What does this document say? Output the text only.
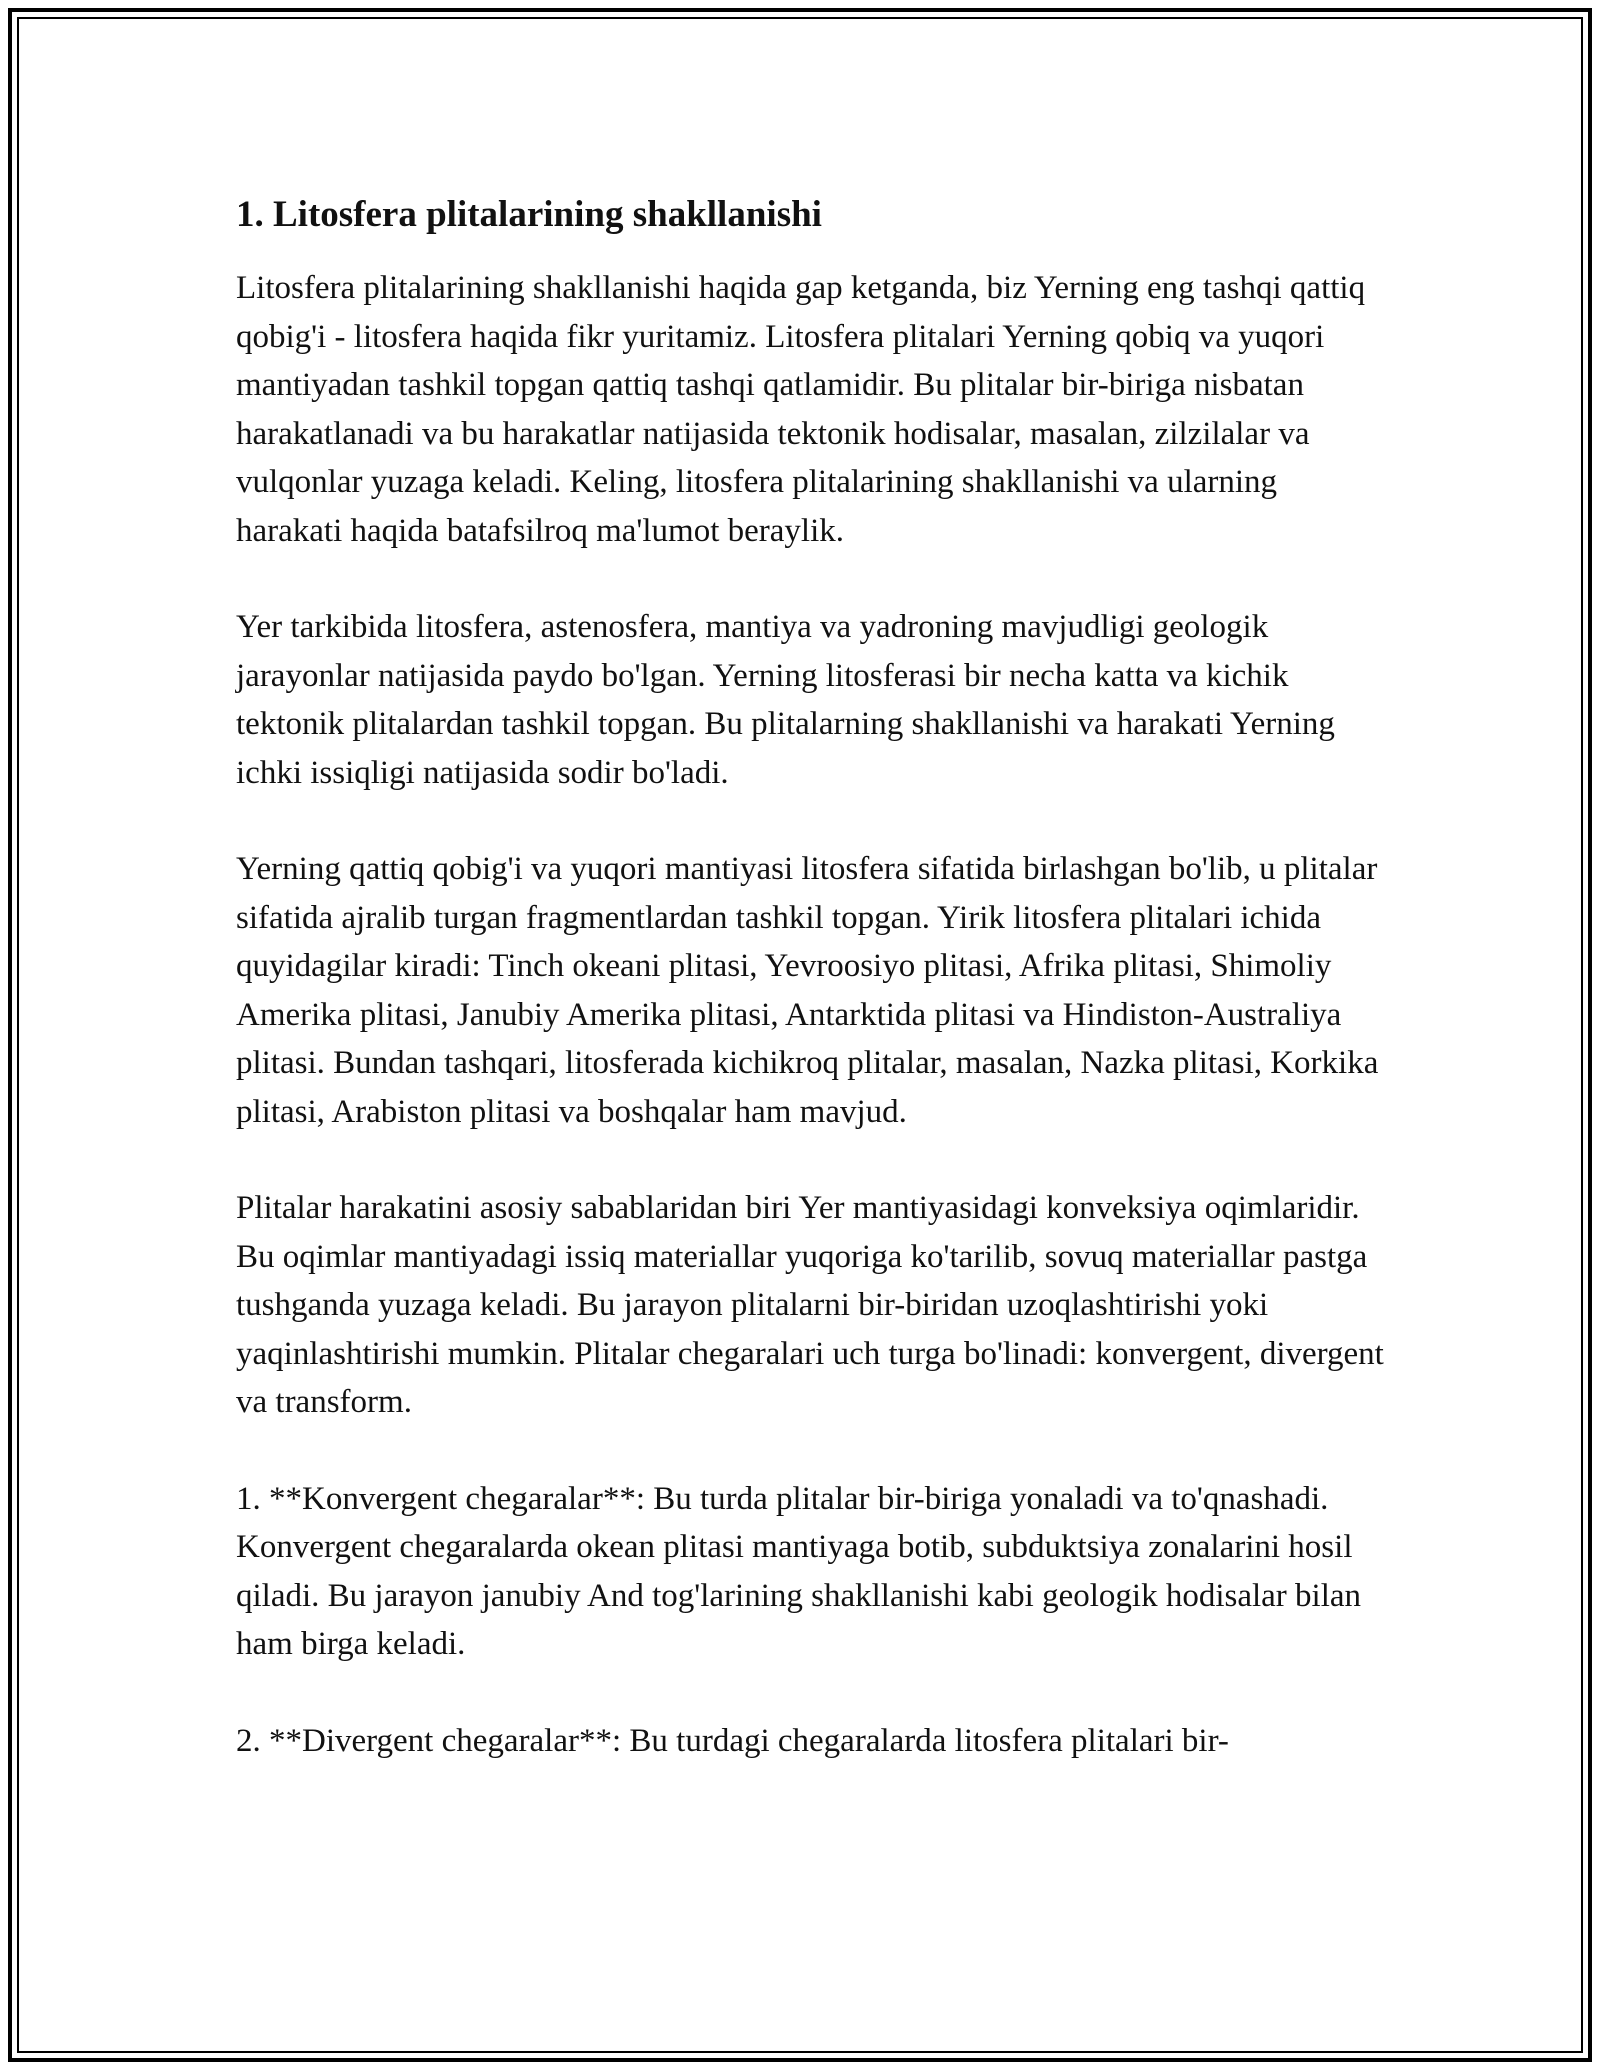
1. Litosfera plitalarining shakllanishi

Litosfera plitalarining shakllanishi haqida gap ketganda, biz Yerning eng tashqi qattiq qobig'i - litosfera haqida fikr yuritamiz. Litosfera plitalari Yerning qobiq va yuqori mantiyadan tashkil topgan qattiq tashqi qatlamidir. Bu plitalar bir-biriga nisbatan harakatlanadi va bu harakatlar natijasida tektonik hodisalar, masalan, zilzilalar va vulqonlar yuzaga keladi. Keling, litosfera plitalarining shakllanishi va ularning harakati haqida batafsilroq ma'lumot beraylik.

Yer tarkibida litosfera, astenosfera, mantiya va yadroning mavjudligi geologik jarayonlar natijasida paydo bo'lgan. Yerning litosferasi bir necha katta va kichik tektonik plitalardan tashkil topgan. Bu plitalarning shakllanishi va harakati Yerning ichki issiqligi natijasida sodir bo'ladi.

Yerning qattiq qobig'i va yuqori mantiyasi litosfera sifatida birlashgan bo'lib, u plitalar sifatida ajralib turgan fragmentlardan tashkil topgan. Yirik litosfera plitalari ichida quyidagilar kiradi: Tinch okeani plitasi, Yevroosiyo plitasi, Afrika plitasi, Shimoliy Amerika plitasi, Janubiy Amerika plitasi, Antarktida plitasi va Hindiston-Australiya plitasi. Bundan tashqari, litosferada kichikroq plitalar, masalan, Nazka plitasi, Korkika plitasi, Arabiston plitasi va boshqalar ham mavjud.

Plitalar harakatini asosiy sabablaridan biri Yer mantiyasidagi konveksiya oqimlaridir. Bu oqimlar mantiyadagi issiq materiallar yuqoriga ko'tarilib, sovuq materiallar pastga tushganda yuzaga keladi. Bu jarayon plitalarni bir-biridan uzoqlashtirishi yoki yaqinlashtirishi mumkin. Plitalar chegaralari uch turga bo'linadi: konvergent, divergent va transform.

1. **Konvergent chegaralar**: Bu turda plitalar bir-biriga yonaladi va to'qnashadi. Konvergent chegaralarda okean plitasi mantiyaga botib, subduktsiya zonalarini hosil qiladi. Bu jarayon janubiy And tog'larining shakllanishi kabi geologik hodisalar bilan ham birga keladi.

2. **Divergent chegaralar**: Bu turdagi chegaralarda litosfera plitalari bir-
